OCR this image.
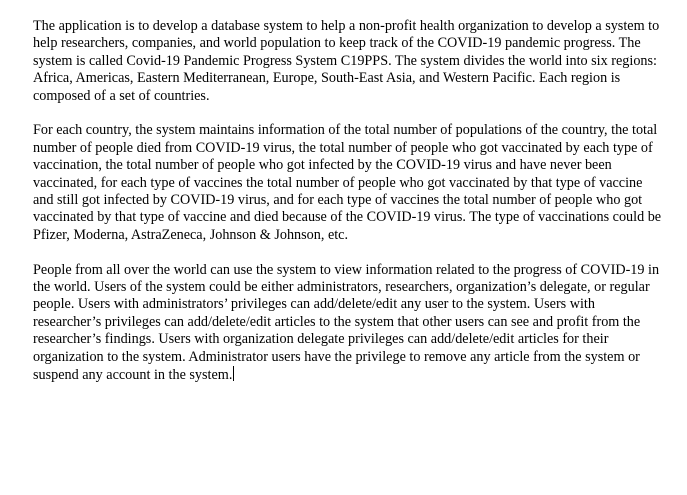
The application is to develop a database system to help a non-profit health organization to develop a system to help researchers, companies, and world population to keep track of the COVID-19 pandemic progress. The system is called Covid-19 Pandemic Progress System C19PPS. The system divides the world into six regions: Africa, Americas, Eastern Mediterranean, Europe, South-East Asia, and Western Pacific. Each region is composed of a set of countries.

For each country, the system maintains information of the total number of populations of the country, the total number of people died from COVID-19 virus, the total number of people who got vaccinated by each type of vaccination, the total number of people who got infected by the COVID-19 virus and have never been vaccinated, for each type of vaccines the total number of people who got vaccinated by that type of vaccine and still got infected by COVID-19 virus, and for each type of vaccines the total number of people who got vaccinated by that type of vaccine and died because of the COVID-19 virus. The type of vaccinations could be Pfizer, Moderna, AstraZeneca, Johnson & Johnson, etc.

People from all over the world can use the system to view information related to the progress of COVID-19 in the world. Users of the system could be either administrators, researchers, organization’s delegate, or regular people. Users with administrators’ privileges can add/delete/edit any user to the system. Users with researcher’s privileges can add/delete/edit articles to the system that other users can see and profit from the researcher’s findings. Users with organization delegate privileges can add/delete/edit articles for their organization to the system. Administrator users have the privilege to remove any article from the system or suspend any account in the system.
